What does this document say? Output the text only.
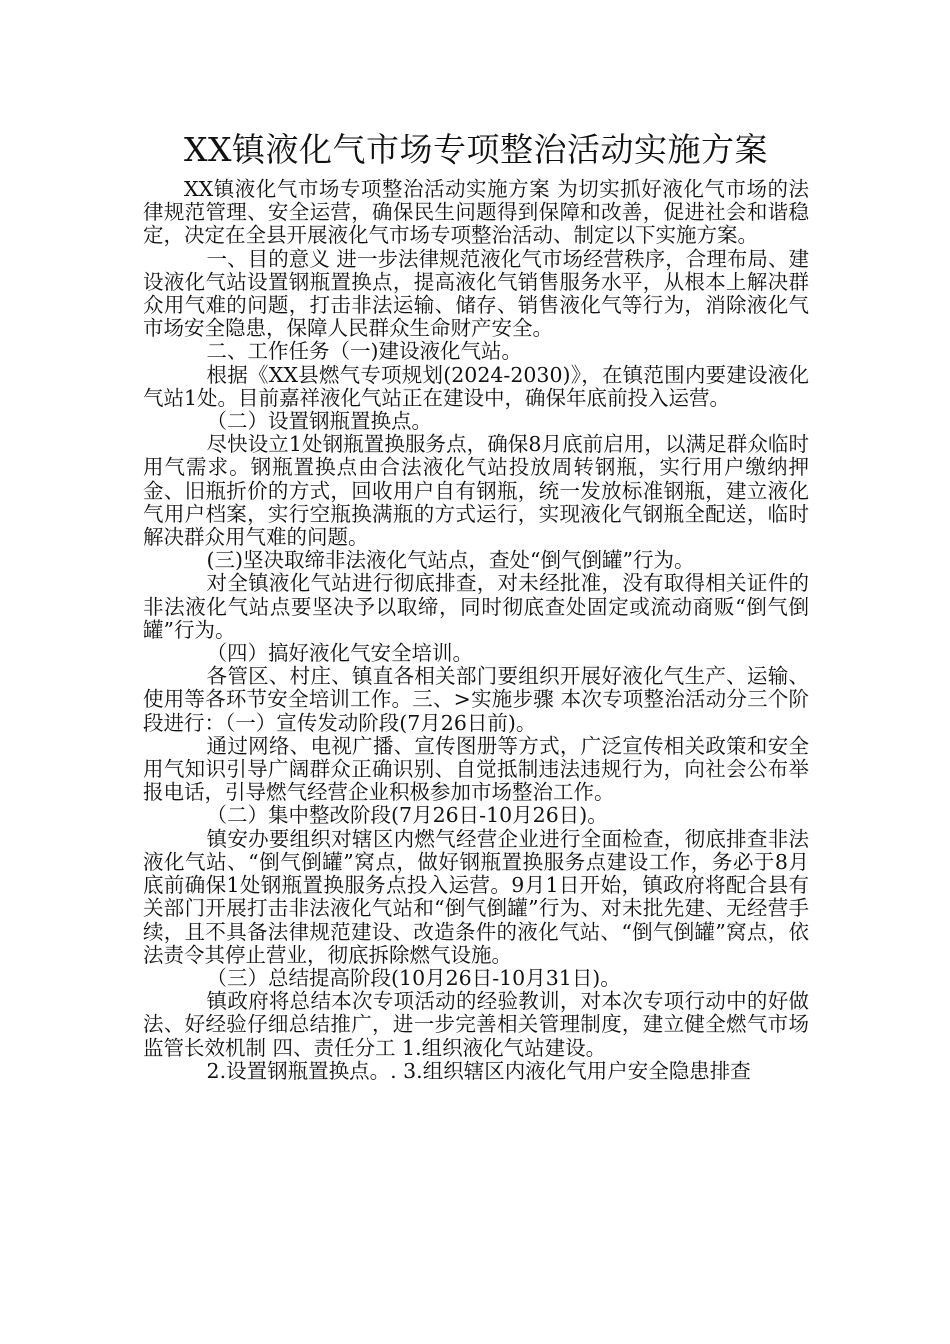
XX镇液化气市场专项整治活动实施方案

XX镇液化气市场专项整治活动实施方案 为切实抓好液化气市场的法律规范管理、安全运营，确保民生问题得到保障和改善，促进社会和谐稳定，决定在全县开展液化气市场专项整治活动、制定以下实施方案。

一、目的意义 进一步法律规范液化气市场经营秩序，合理布局、建设液化气站设置钢瓶置换点，提高液化气销售服务水平，从根本上解决群众用气难的问题，打击非法运输、储存、销售液化气等行为，消除液化气市场安全隐患，保障人民群众生命财产安全。

二、工作任务（一)建设液化气站。

根据《XX县燃气专项规划(2024-2030)》，在镇范围内要建设液化气站1处。目前嘉祥液化气站正在建设中，确保年底前投入运营。

（二）设置钢瓶置换点。

尽快设立1处钢瓶置换服务点，确保8月底前启用，以满足群众临时用气需求。钢瓶置换点由合法液化气站投放周转钢瓶，实行用户缴纳押金、旧瓶折价的方式，回收用户自有钢瓶，统一发放标准钢瓶，建立液化气用户档案，实行空瓶换满瓶的方式运行，实现液化气钢瓶全配送，临时解决群众用气难的问题。

(三)坚决取缔非法液化气站点，查处“倒气倒罐”行为。

对全镇液化气站进行彻底排查，对未经批准，没有取得相关证件的非法液化气站点要坚决予以取缔，同时彻底查处固定或流动商贩“倒气倒罐”行为。

（四）搞好液化气安全培训。

各管区、村庄、镇直各相关部门要组织开展好液化气生产、运输、使用等各环节安全培训工作。三、>实施步骤 本次专项整治活动分三个阶段进行：（一）宣传发动阶段(7月26日前)。

通过网络、电视广播、宣传图册等方式，广泛宣传相关政策和安全用气知识引导广阔群众正确识别、自觉抵制违法违规行为，向社会公布举报电话，引导燃气经营企业积极参加市场整治工作。

（二）集中整改阶段(7月26日-10月26日)。

镇安办要组织对辖区内燃气经营企业进行全面检查，彻底排查非法液化气站、“倒气倒罐”窝点，做好钢瓶置换服务点建设工作，务必于8月底前确保1处钢瓶置换服务点投入运营。9月1日开始，镇政府将配合县有关部门开展打击非法液化气站和“倒气倒罐”行为、对未批先建、无经营手续，且不具备法律规范建设、改造条件的液化气站、“倒气倒罐”窝点，依法责令其停止营业，彻底拆除燃气设施。

（三）总结提高阶段(10月26日-10月31日)。

镇政府将总结本次专项活动的经验教训，对本次专项行动中的好做法、好经验仔细总结推广，进一步完善相关管理制度，建立健全燃气市场监管长效机制 四、责任分工 1.组织液化气站建设。

2.设置钢瓶置换点。. 3.组织辖区内液化气用户安全隐患排查
